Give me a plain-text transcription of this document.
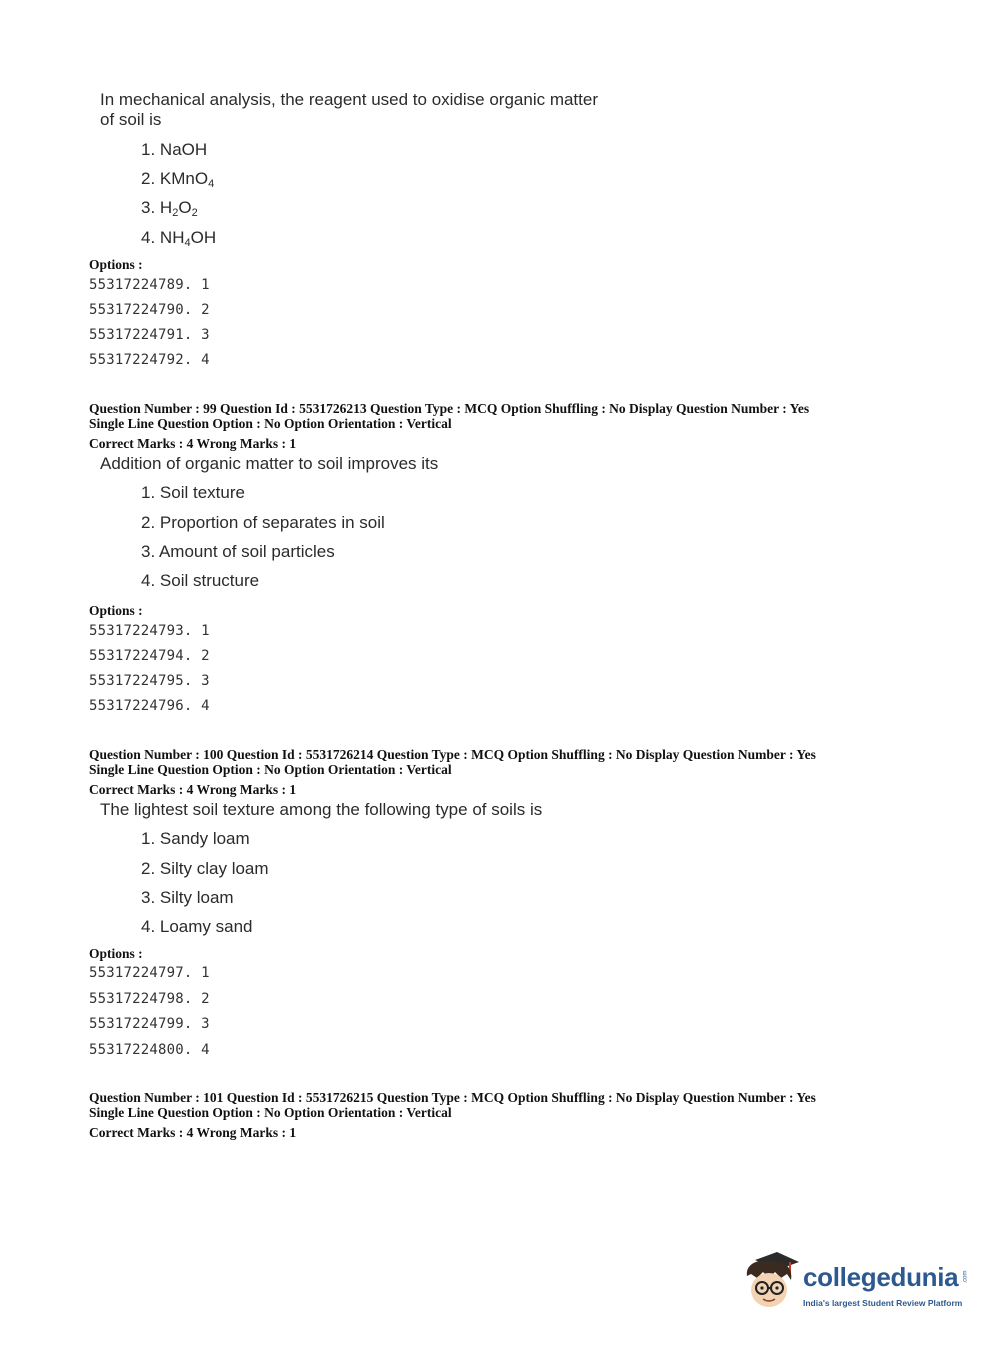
In mechanical analysis, the reagent used to oxidise organic matter
of soil is
1. NaOH
2. KMnO$_4$
3. $H_2O_2$
4. $NH_4OH$
Options :
55317224789. 1
55317224790. 2
55317224791. 3
55317224792. 4
Question Number : 99 Question Id : 5531726213 Question Type : MCQ Option Shuffling : No Display Question Number : Yes
Single Line Question Option : No Option Orientation : Vertical
Correct Marks : 4 Wrong Marks : 1
Addition of organic matter to soil improves its
1. Soil texture
2. Proportion of separates in soil
3. Amount of soil particles
4. Soil structure
Options :
55317224793. 1
55317224794. 2
55317224795. 3
55317224796. 4
Question Number : 100 Question Id : 5531726214 Question Type : MCQ Option Shuffling : No Display Question Number : Yes
Single Line Question Option : No Option Orientation : Vertical
Correct Marks : 4 Wrong Marks : 1
The lightest soil texture among the following type of soils is
1. Sandy loam
2. Silty clay loam
3. Silty loam
4. Loamy sand
Options :
55317224797. 1
55317224798. 2
55317224799. 3
55317224800. 4
Question Number : 101 Question Id : 5531726215 Question Type : MCQ Option Shuffling : No Display Question Number : Yes
Single Line Question Option : No Option Orientation : Vertical
Correct Marks : 4 Wrong Marks : 1
collegedunia .com
India's largest Student Review Platform
